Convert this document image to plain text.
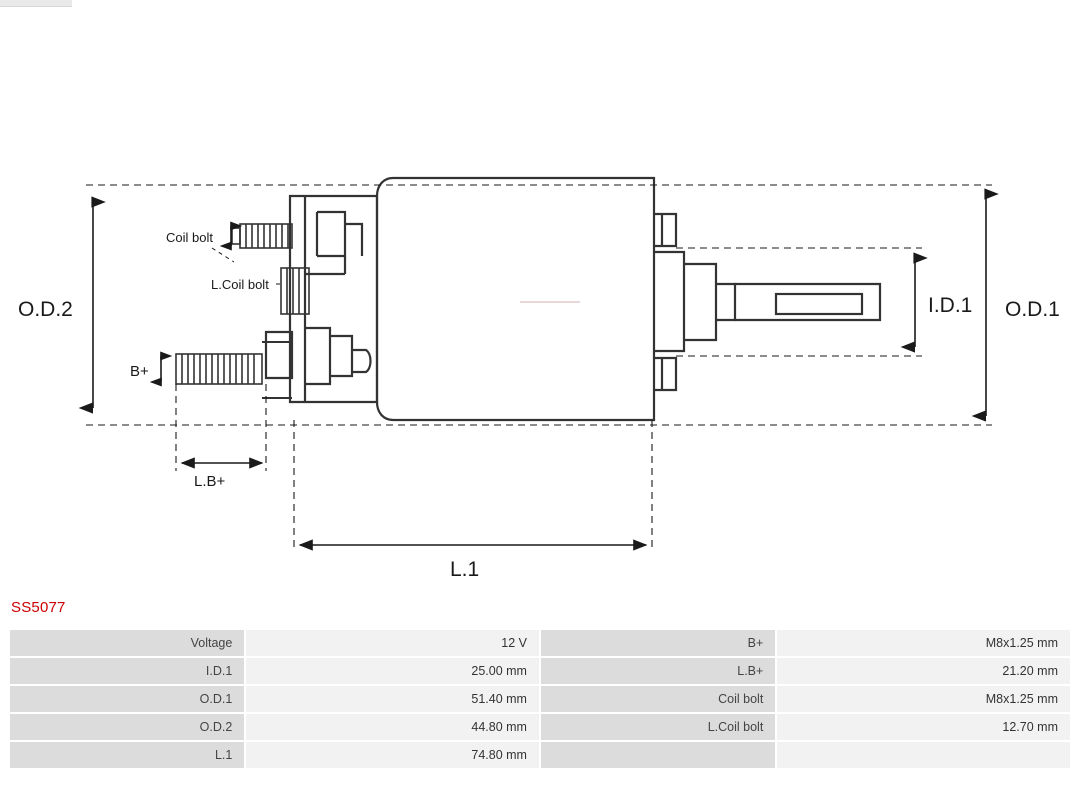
O.D.2	O.D.1
I.D.1
Coil bolt
L.Coil bolt
B+
L.B+
L.1
SS5077
Voltage	12 V	B+	M8x1.25 mm
I.D.1	25.00 mm	L.B+	21.20 mm
O.D.1	51.40 mm	Coil bolt	M8x1.25 mm
O.D.2	44.80 mm	L.Coil bolt	12.70 mm
L.1	74.80 mm		
